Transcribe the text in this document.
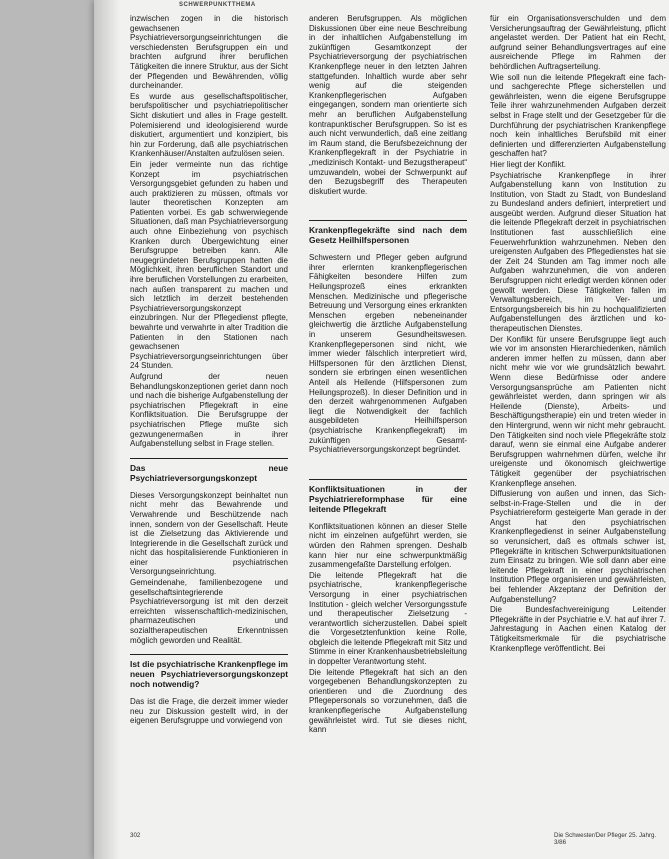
SCHWERPUNKTTHEMA

inzwischen zogen in die historisch gewachsenen Psychiatrieversorgungseinrichtungen die verschiedensten Berufsgruppen ein und brachten aufgrund ihrer beruflichen Tätigkeiten die innere Struktur, aus der Sicht der Pflegenden und Bewährenden, völlig durcheinander.

Es wurde aus gesellschaftspolitischer, berufspolitischer und psychiatriepolitischer Sicht diskutiert und alles in Frage gestellt. Polemisierend und ideologisierend wurde diskutiert, argumentiert und konzipiert, bis hin zur Forderung, daß alle psychiatrischen Krankenhäuser/Anstalten aufzulösen seien.

Ein jeder vermeinte nun das richtige Konzept im psychiatrischen Versorgungsgebiet gefunden zu haben und auch praktizieren zu müssen, oftmals vor lauter theoretischen Konzepten am Patienten vorbei. Es gab schwerwiegende Situationen, daß man Psychiatrieversorgung auch ohne Einbeziehung von psychisch Kranken durch Übergewichtung einer Berufsgruppe betreiben kann. Alle neugegründeten Berufsgruppen hatten die Möglichkeit, ihren beruflichen Standort und ihre beruflichen Vorstellungen zu erarbeiten, nach außen transparent zu machen und sich letztlich im derzeit bestehenden Psychiatrieversorgungskonzept einzubringen. Nur der Pflegedienst pflegte, bewahrte und verwahrte in alter Tradition die Patienten in den Stationen nach gewachsenen Psychiatrieversorgungseinrichtungen über 24 Stunden.

Aufgrund der neuen Behandlungskonzeptionen geriet dann noch und nach die bisherige Aufgabenstellung der psychiatrischen Pflegekraft in eine Konfliktsituation. Die Berufsgruppe der psychiatrischen Pflege mußte sich gezwungenermaßen in ihrer Aufgabenstellung selbst in Frage stellen.

Das neue Psychiatrieversorgungskonzept

Dieses Versorgungskonzept beinhaltet nun nicht mehr das Bewahrende und Verwahrende und Beschützende nach innen, sondern von der Gesellschaft. Heute ist die Zielsetzung das Aktivierende und Integrierende in die Gesellschaft zurück und nicht das hospitalisierende Funktionieren in einer psychiatrischen Versorgungseinrichtung.

Gemeindenahe, familienbezogene und gesellschaftsintegrierende Psychiatrieversorgung ist mit den derzeit erreichten wissenschaftlich-medizinischen, pharmazeutischen und sozialtherapeutischen Erkenntnissen möglich geworden und Realität.

Ist die psychiatrische Krankenpflege im neuen Psychiatrieversorgungskonzept noch notwendig?

Das ist die Frage, die derzeit immer wieder neu zur Diskussion gestellt wird, in der eigenen Berufsgruppe und vorwiegend von

anderen Berufsgruppen. Als möglichen Diskussionen über eine neue Beschreibung in der inhaltlichen Aufgabenstellung im zukünftigen Gesamtkonzept der Psychiatrieversorgung der psychiatrischen Krankenpflege neuer in den letzten Jahren stattgefunden. Inhaltlich wurde aber sehr wenig auf die steigenden Krankenpflegerischen Aufgaben eingegangen, sondern man orientierte sich mehr an beruflichen Aufgabenstellung kontrapunktischer Berufsgruppen. So ist es auch nicht verwunderlich, daß eine zeitlang im Raum stand, die Berufsbezeichnung der Krankenpflegekraft in der Psychiatrie in „medizinisch Kontakt- und Bezugstherapeut“ umzuwandeln, wobei der Schwerpunkt auf den Bezugsbegriff des Therapeuten diskutiert wurde.

Krankenpflegekräfte sind nach dem Gesetz Heilhilfspersonen

Schwestern und Pfleger geben aufgrund ihrer erlernten krankenpflegerischen Fähigkeiten besondere Hilfen zum Heilungsprozeß eines erkrankten Menschen. Medizinische und pflegerische Betreuung und Versorgung eines erkrankten Menschen ergeben nebeneinander gleichwertig die ärztliche Aufgabenstellung in unserem Gesundheitswesen. Krankenpflegepersonen sind nicht, wie immer wieder fälschlich interpretiert wird, Hilfspersonen für den ärztlichen Dienst, sondern sie erbringen einen wesentlichen Anteil als Heilende (Hilfspersonen zum Heilungsprozeß). In dieser Definition und in den derzeit wahrgenommenen Aufgaben liegt die Notwendigkeit der fachlich ausgebildeten Heilhilfsperson (psychiatrische Krankenpflegekraft) im zukünftigen Gesamt-Psychiatrieversorgungskonzept begründet.

Konfliktsituationen in der Psychiatriereformphase für eine leitende Pflegekraft

Konfliktsituationen können an dieser Stelle nicht im einzelnen aufgeführt werden, sie würden den Rahmen sprengen. Deshalb kann hier nur eine schwerpunktmäßig zusammengefaßte Darstellung erfolgen.

Die leitende Pflegekraft hat die psychiatrische, krankenpflegerische Versorgung in einer psychiatrischen Institution - gleich welcher Versorgungsstufe und therapeutischer Zielsetzung - verantwortlich sicherzustellen. Dabei spielt die Vorgesetztenfunktion keine Rolle, obgleich die leitende Pflegekraft mit Sitz und Stimme in einer Krankenhausbetriebsleitung in doppelter Verantwortung steht.

Die leitende Pflegekraft hat sich an den vorgegebenen Behandlungskonzepten zu orientieren und die Zuordnung des Pflegepersonals so vorzunehmen, daß die krankenpflegerische Aufgabenstellung gewährleistet wird. Tut sie dieses nicht, kann

für ein Organisationsverschulden und dem Versicherungsauftrag der Gewährleistung, pflicht angelastet werden. Der Patient hat ein Recht, aufgrund seiner Behandlungsvertrages auf eine ausreichende Pflege im Rahmen der behördlichen Auftragserteilung.

Wie soll nun die leitende Pflegekraft eine fach- und sachgerechte Pflege sicherstellen und gewährleisten, wenn die eigene Berufsgruppe Teile ihrer wahrzunehmenden Aufgaben derzeit selbst in Frage stellt und der Gesetzgeber für die Durchführung der psychiatrischen Krankenpflege noch kein inhaltliches Berufsbild mit einer definierten und differenzierten Aufgabenstellung geschaffen hat?

Hier liegt der Konflikt.

Psychiatrische Krankenpflege in ihrer Aufgabenstellung kann von Institution zu Institution, von Stadt zu Stadt, von Bundesland zu Bundesland anders definiert, interpretiert und ausgeübt werden. Aufgrund dieser Situation hat die leitende Pflegekraft derzeit in psychiatrischen Institutionen fast ausschließlich eine Feuerwehrfunktion wahrzunehmen. Neben den ureigensten Aufgaben des Pflegedienstes hat sie der Zeit 24 Stunden am Tag immer noch alle Aufgaben wahrzunehmen, die von anderen Berufsgruppen nicht erledigt werden können oder gewollt werden. Diese Tätigkeiten fallen im Verwaltungsbereich, im Ver- und Entsorgungsbereich bis hin zu hochqualifizierten Aufgabenstellungen des ärztlichen und ko-therapeutischen Dienstes.

Der Konflikt für unsere Berufsgruppe liegt auch wie vor im ansonsten Hierarchiedenken, nämlich anderen immer helfen zu müssen, dann aber nicht mehr wie vor wie grundsätzlich bewahrt. Wenn diese Bedürfnisse oder andere Versorgungsansprüche am Patienten nicht gewährleistet werden, dann springen wir als Heilende (Dienste), Arbeits- und Beschäftigungstherapie) ein und treten wieder in den Hintergrund, wenn wir nicht mehr gebraucht. Den Tätigkeiten sind noch viele Pflegekräfte stolz darauf, wenn sie einmal eine Aufgabe anderer Berufsgruppen wahrnehmen dürfen, welche ihr ureigenste und ökonomisch gleichwertige Tätigkeit gegenüber der psychiatrischen Krankenpflege ansehen.

Diffusierung von außen und innen, das Sich-selbst-in-Frage-Stellen und die in der Psychiatriereform gesteigerte Man gerade in der Angst hat den psychiatrischen Krankenpflegedienst in seiner Aufgabenstellung so verunsichert, daß es oftmals schwer ist, Pflegekräfte in kritischen Schwerpunktsituationen zum Einsatz zu bringen. Wie soll dann aber eine leitende Pflegekraft in einer psychiatrischen Institution Pflege organisieren und gewährleisten, bei fehlender Akzeptanz der Definition der Aufgabenstellung?

Die Bundesfachvereinigung Leitender Pflegekräfte in der Psychiatrie e.V. hat auf ihrer 7. Jahrestagung in Aachen einen Katalog der Tätigkeitsmerkmale für die psychiatrische Krankenpflege veröffentlicht. Bei

302	Die Schwester/Der Pfleger 25. Jahrg. 3/86
